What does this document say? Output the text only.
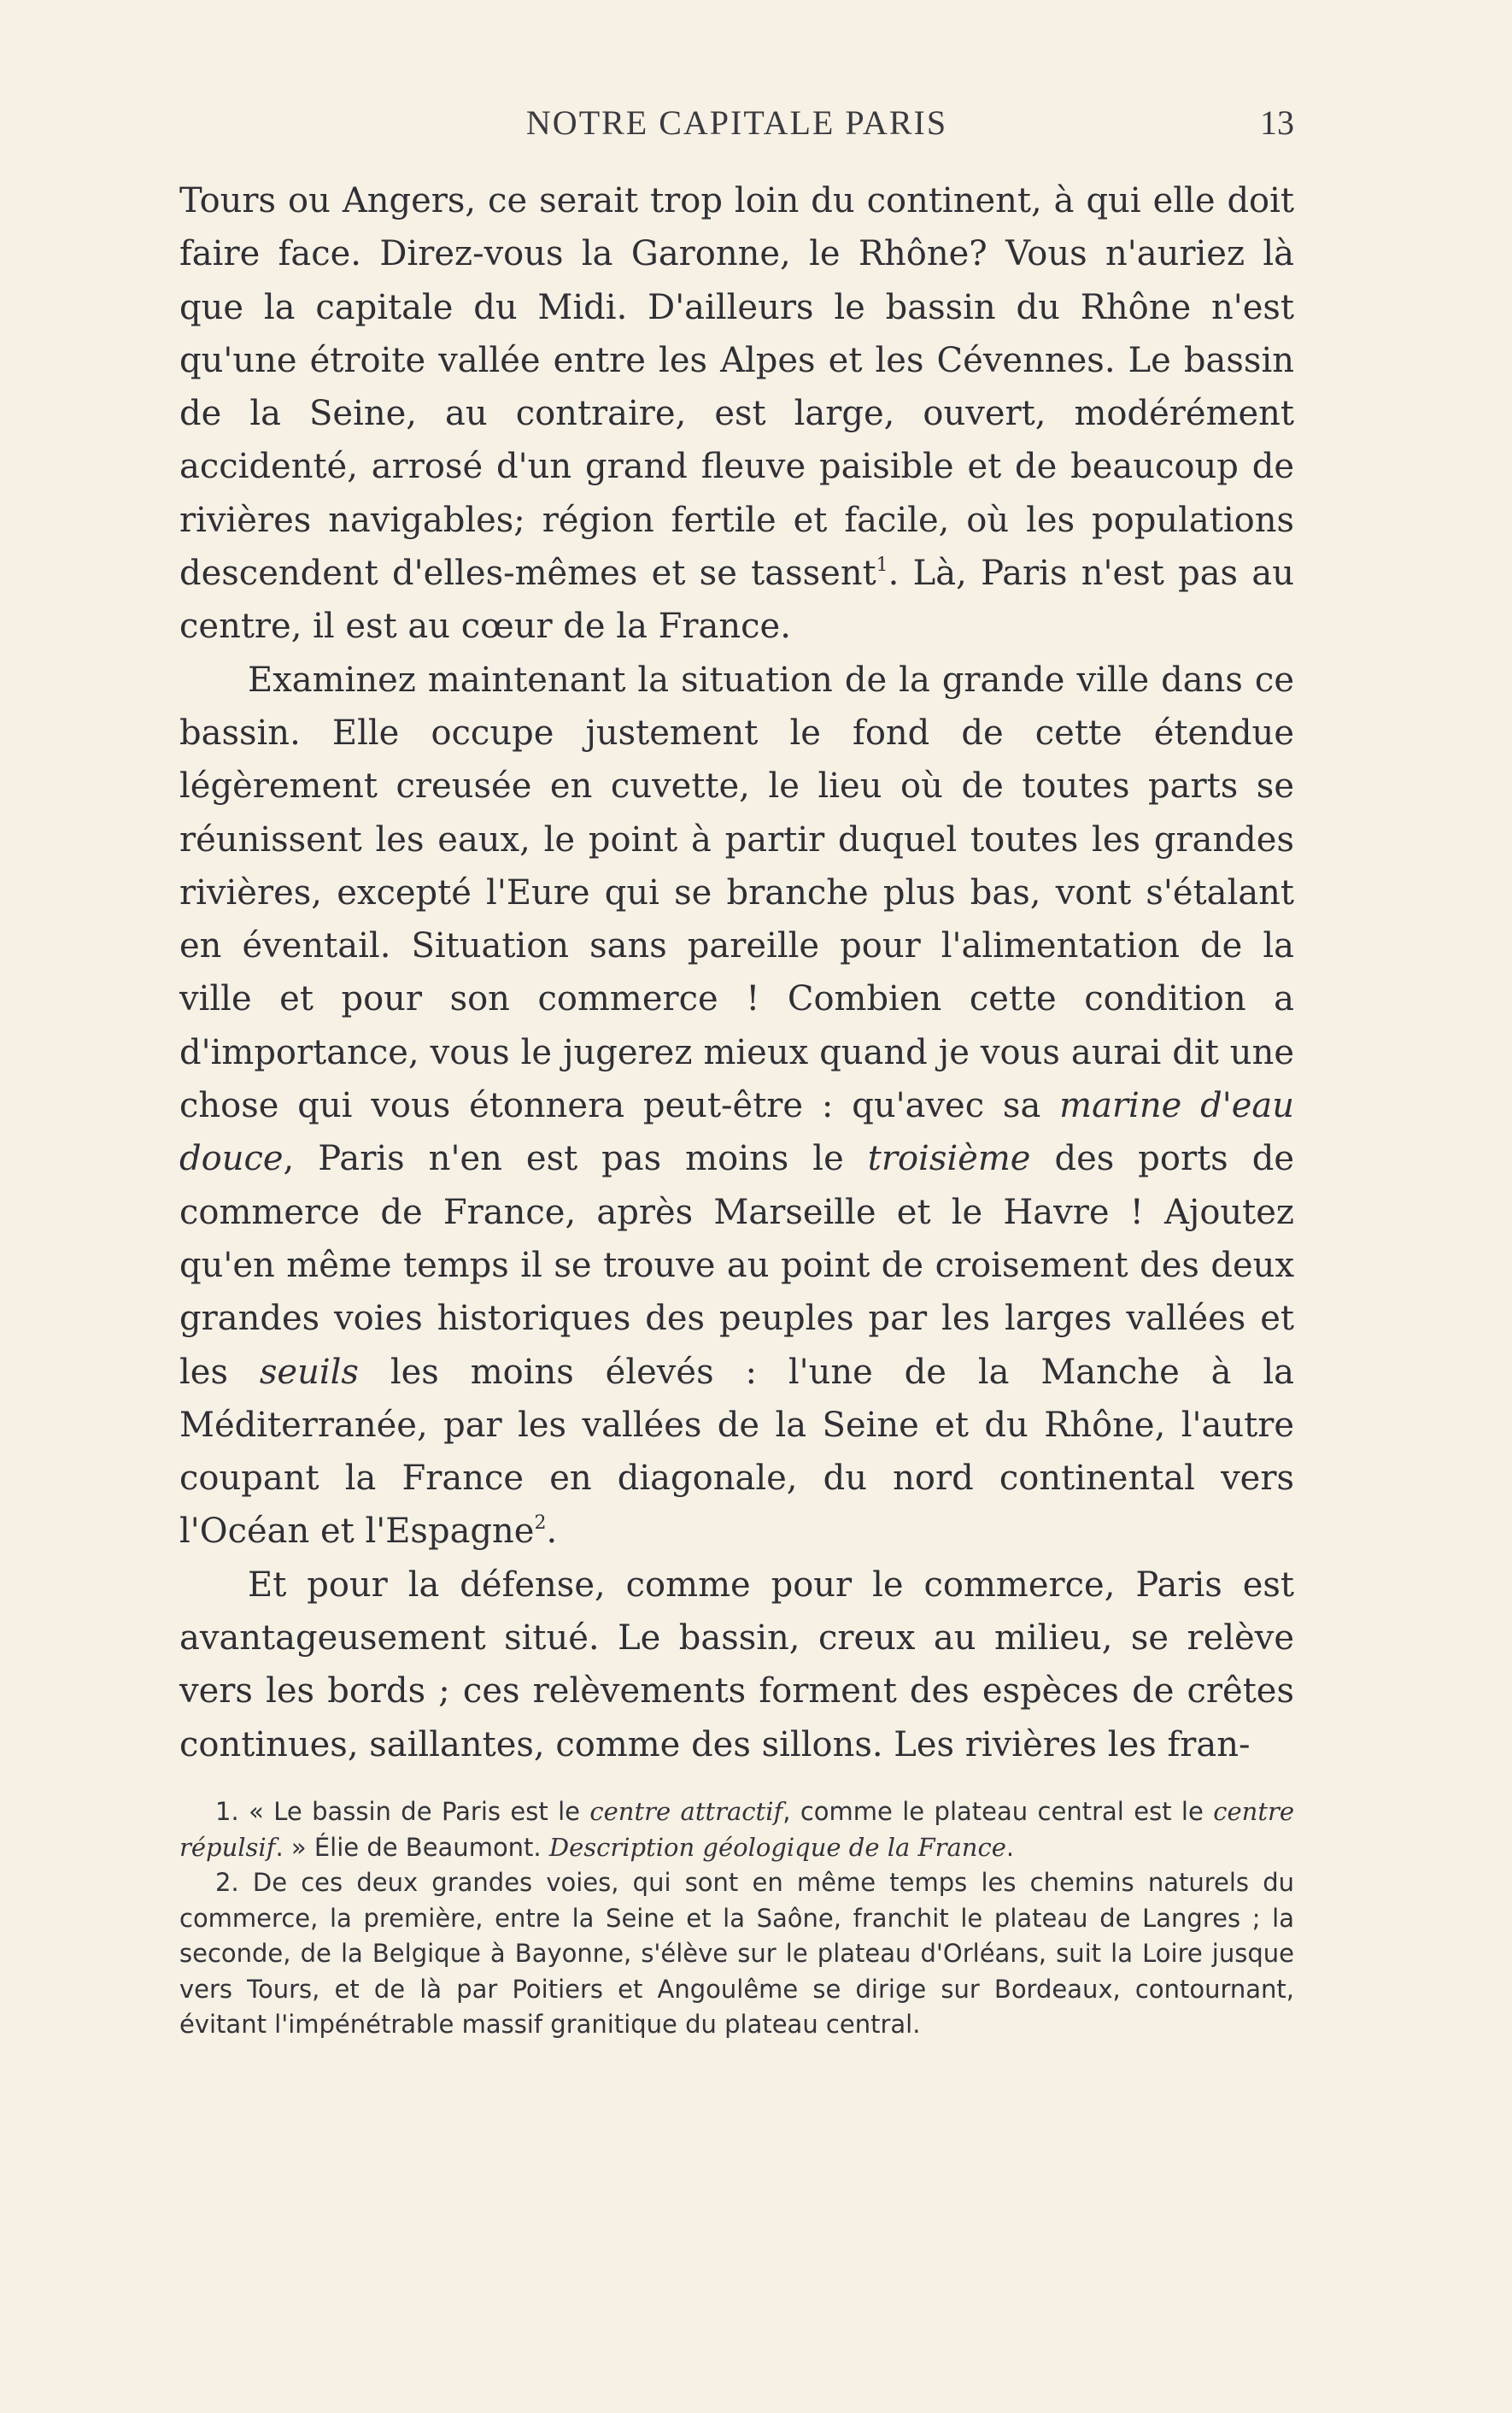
NOTRE CAPITALE PARIS	13

Tours ou Angers, ce serait trop loin du continent, à qui elle doit faire face. Direz-vous la Garonne, le Rhône? Vous n'auriez là que la capitale du Midi. D'ailleurs le bassin du Rhône n'est qu'une étroite vallée entre les Alpes et les Cévennes. Le bassin de la Seine, au contraire, est large, ouvert, modérément accidenté, arrosé d'un grand fleuve paisible et de beaucoup de rivières navigables; région fertile et facile, où les populations descendent d'elles-mêmes et se tassent$^1$. Là, Paris n'est pas au centre, il est au cœur de la France.

Examinez maintenant la situation de la grande ville dans ce bassin. Elle occupe justement le fond de cette étendue légèrement creusée en cuvette, le lieu où de toutes parts se réunissent les eaux, le point à partir duquel toutes les grandes rivières, excepté l'Eure qui se branche plus bas, vont s'étalant en éventail. Situation sans pareille pour l'alimentation de la ville et pour son commerce ! Combien cette condition a d'importance, vous le jugerez mieux quand je vous aurai dit une chose qui vous étonnera peut-être : qu'avec sa marine d'eau douce, Paris n'en est pas moins le troisième des ports de commerce de France, après Marseille et le Havre ! Ajoutez qu'en même temps il se trouve au point de croisement des deux grandes voies historiques des peuples par les larges vallées et les seuils les moins élevés : l'une de la Manche à la Méditerranée, par les vallées de la Seine et du Rhône, l'autre coupant la France en diagonale, du nord continental vers l'Océan et l'Espagne$^2$.

Et pour la défense, comme pour le commerce, Paris est avantageusement situé. Le bassin, creux au milieu, se relève vers les bords ; ces relèvements forment des espèces de crêtes continues, saillantes, comme des sillons. Les rivières les fran-

1. « Le bassin de Paris est le centre attractif, comme le plateau central est le centre répulsif. » Élie de Beaumont. Description géologique de la France.

2. De ces deux grandes voies, qui sont en même temps les chemins naturels du commerce, la première, entre la Seine et la Saône, franchit le plateau de Langres ; la seconde, de la Belgique à Bayonne, s'élève sur le plateau d'Orléans, suit la Loire jusque vers Tours, et de là par Poitiers et Angoulême se dirige sur Bordeaux, contournant, évitant l'impénétrable massif granitique du plateau central.
